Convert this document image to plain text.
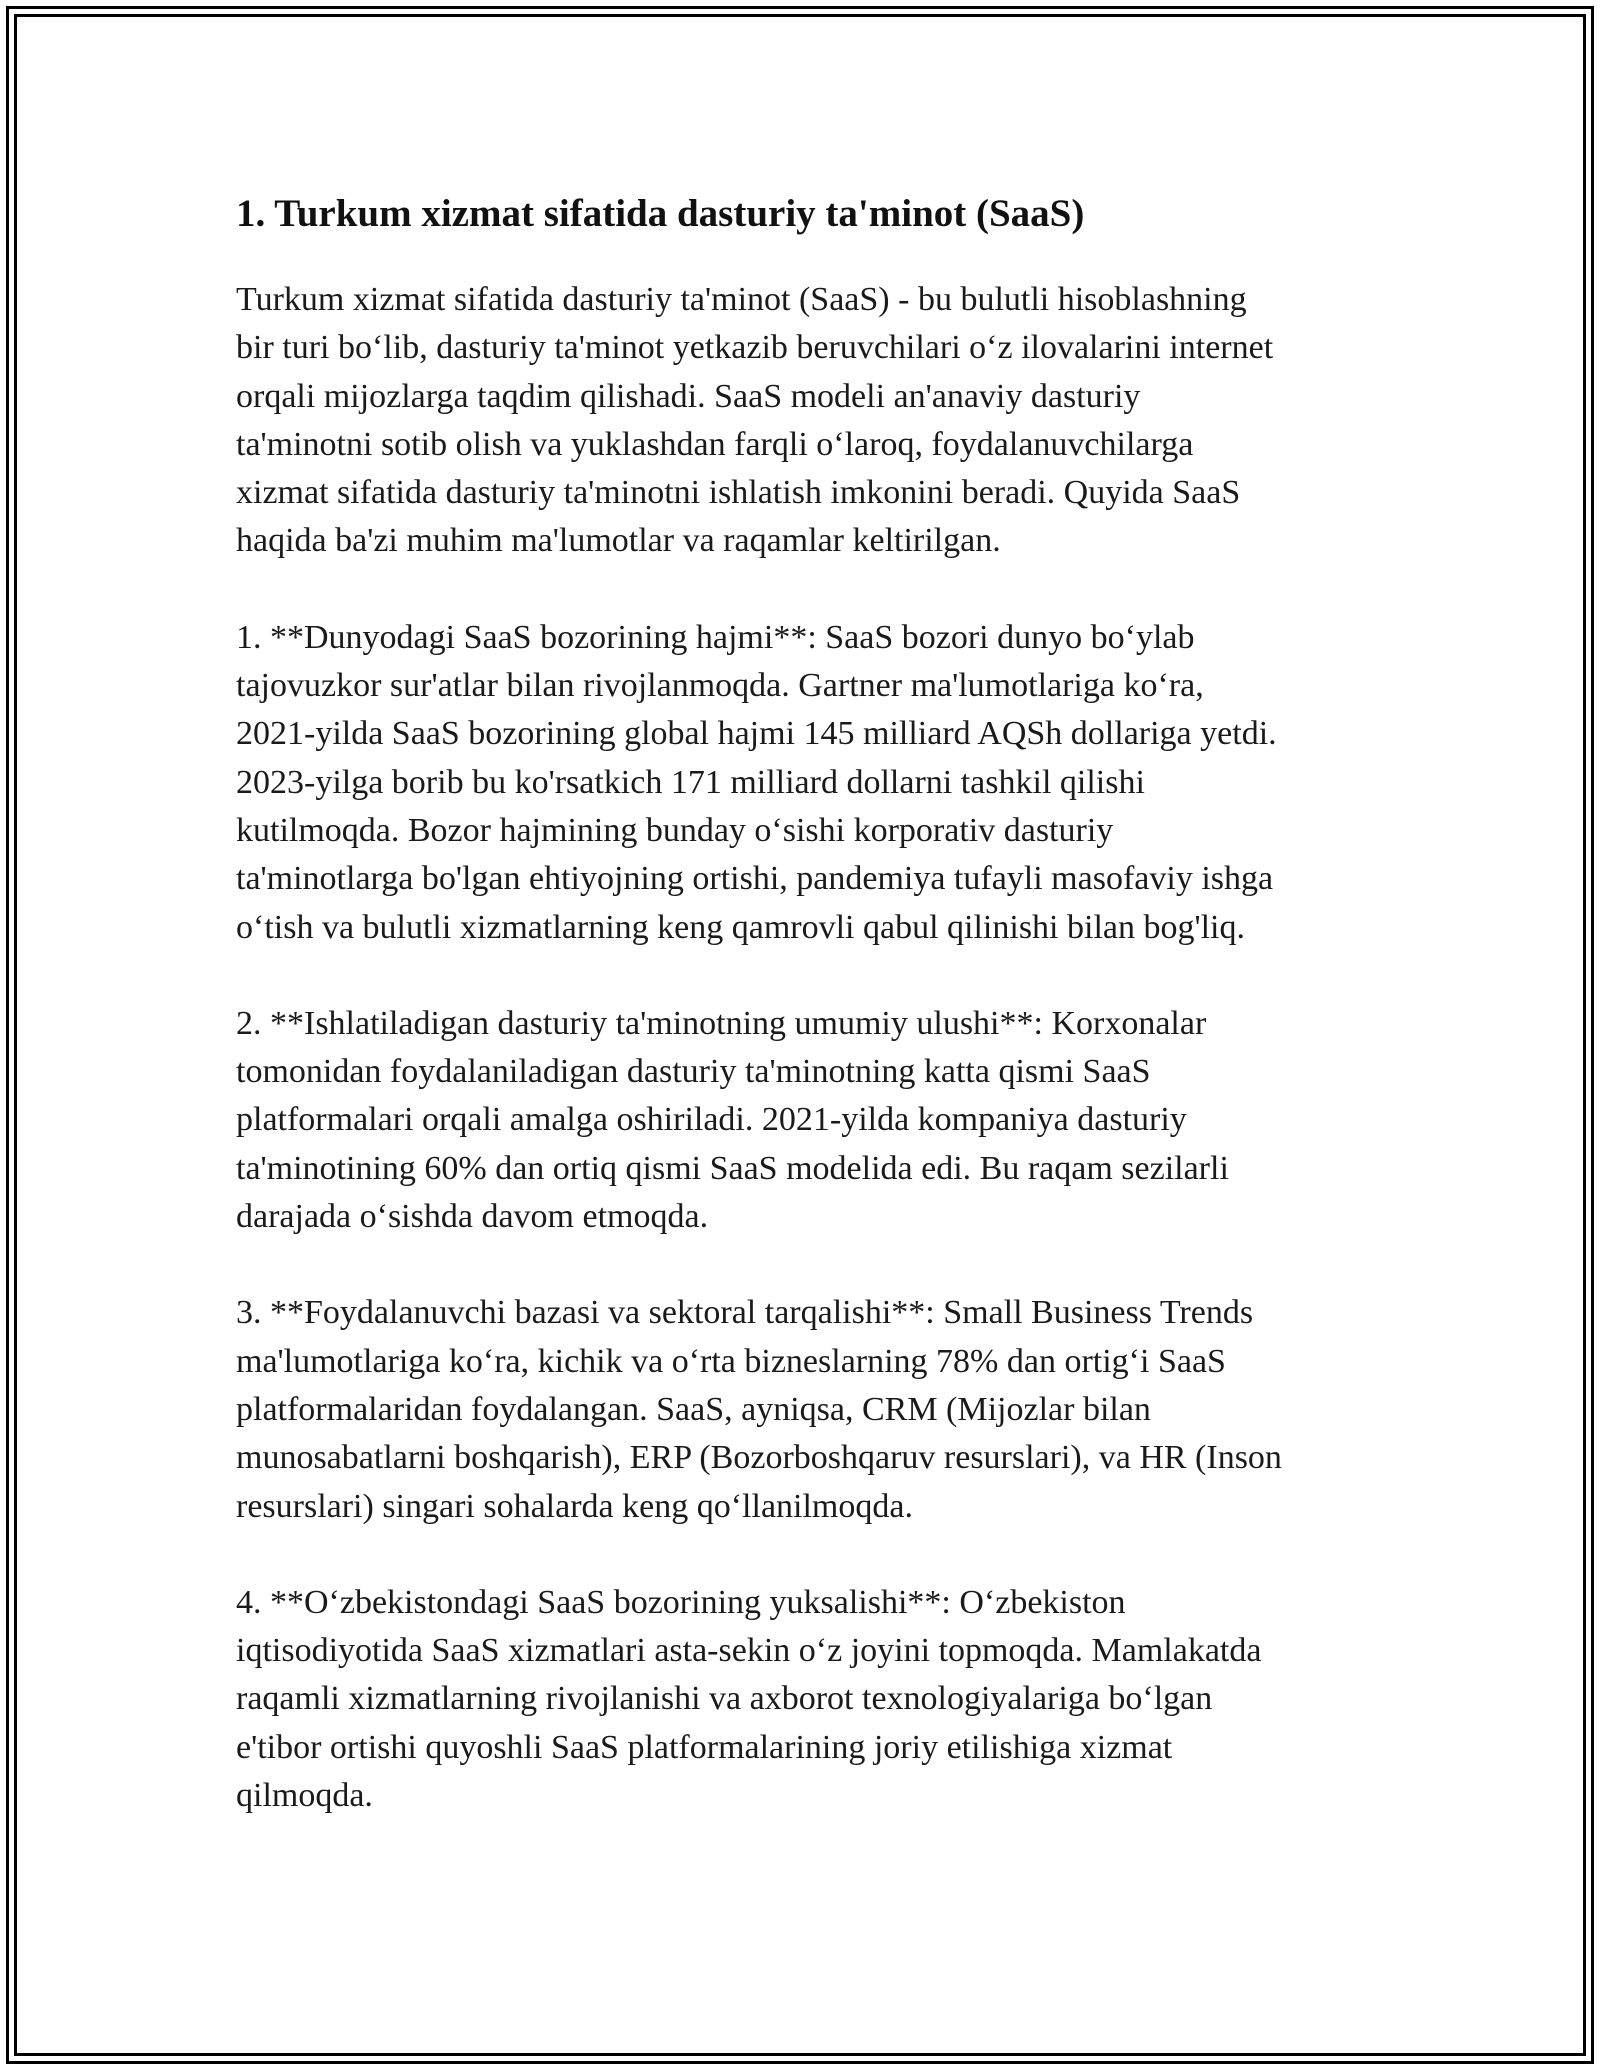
1. Turkum xizmat sifatida dasturiy ta'minot (SaaS)

Turkum xizmat sifatida dasturiy ta'minot (SaaS) - bu bulutli hisoblashning
bir turi bo‘lib, dasturiy ta'minot yetkazib beruvchilari o‘z ilovalarini internet
orqali mijozlarga taqdim qilishadi. SaaS modeli an'anaviy dasturiy
ta'minotni sotib olish va yuklashdan farqli o‘laroq, foydalanuvchilarga
xizmat sifatida dasturiy ta'minotni ishlatish imkonini beradi. Quyida SaaS
haqida ba'zi muhim ma'lumotlar va raqamlar keltirilgan.

1. **Dunyodagi SaaS bozorining hajmi**: SaaS bozori dunyo bo‘ylab
tajovuzkor sur'atlar bilan rivojlanmoqda. Gartner ma'lumotlariga ko‘ra,
2021-yilda SaaS bozorining global hajmi 145 milliard AQSh dollariga yetdi.
2023-yilga borib bu ko'rsatkich 171 milliard dollarni tashkil qilishi
kutilmoqda. Bozor hajmining bunday o‘sishi korporativ dasturiy
ta'minotlarga bo'lgan ehtiyojning ortishi, pandemiya tufayli masofaviy ishga
o‘tish va bulutli xizmatlarning keng qamrovli qabul qilinishi bilan bog'liq.

2. **Ishlatiladigan dasturiy ta'minotning umumiy ulushi**: Korxonalar
tomonidan foydalaniladigan dasturiy ta'minotning katta qismi SaaS
platformalari orqali amalga oshiriladi. 2021-yilda kompaniya dasturiy
ta'minotining 60% dan ortiq qismi SaaS modelida edi. Bu raqam sezilarli
darajada o‘sishda davom etmoqda.

3. **Foydalanuvchi bazasi va sektoral tarqalishi**: Small Business Trends
ma'lumotlariga ko‘ra, kichik va o‘rta bizneslarning 78% dan ortig‘i SaaS
platformalaridan foydalangan. SaaS, ayniqsa, CRM (Mijozlar bilan
munosabatlarni boshqarish), ERP (Bozorboshqaruv resurslari), va HR (Inson
resurslari) singari sohalarda keng qo‘llanilmoqda.

4. **O‘zbekistondagi SaaS bozorining yuksalishi**: O‘zbekiston
iqtisodiyotida SaaS xizmatlari asta-sekin o‘z joyini topmoqda. Mamlakatda
raqamli xizmatlarning rivojlanishi va axborot texnologiyalariga bo‘lgan
e'tibor ortishi quyoshli SaaS platformalarining joriy etilishiga xizmat
qilmoqda.
